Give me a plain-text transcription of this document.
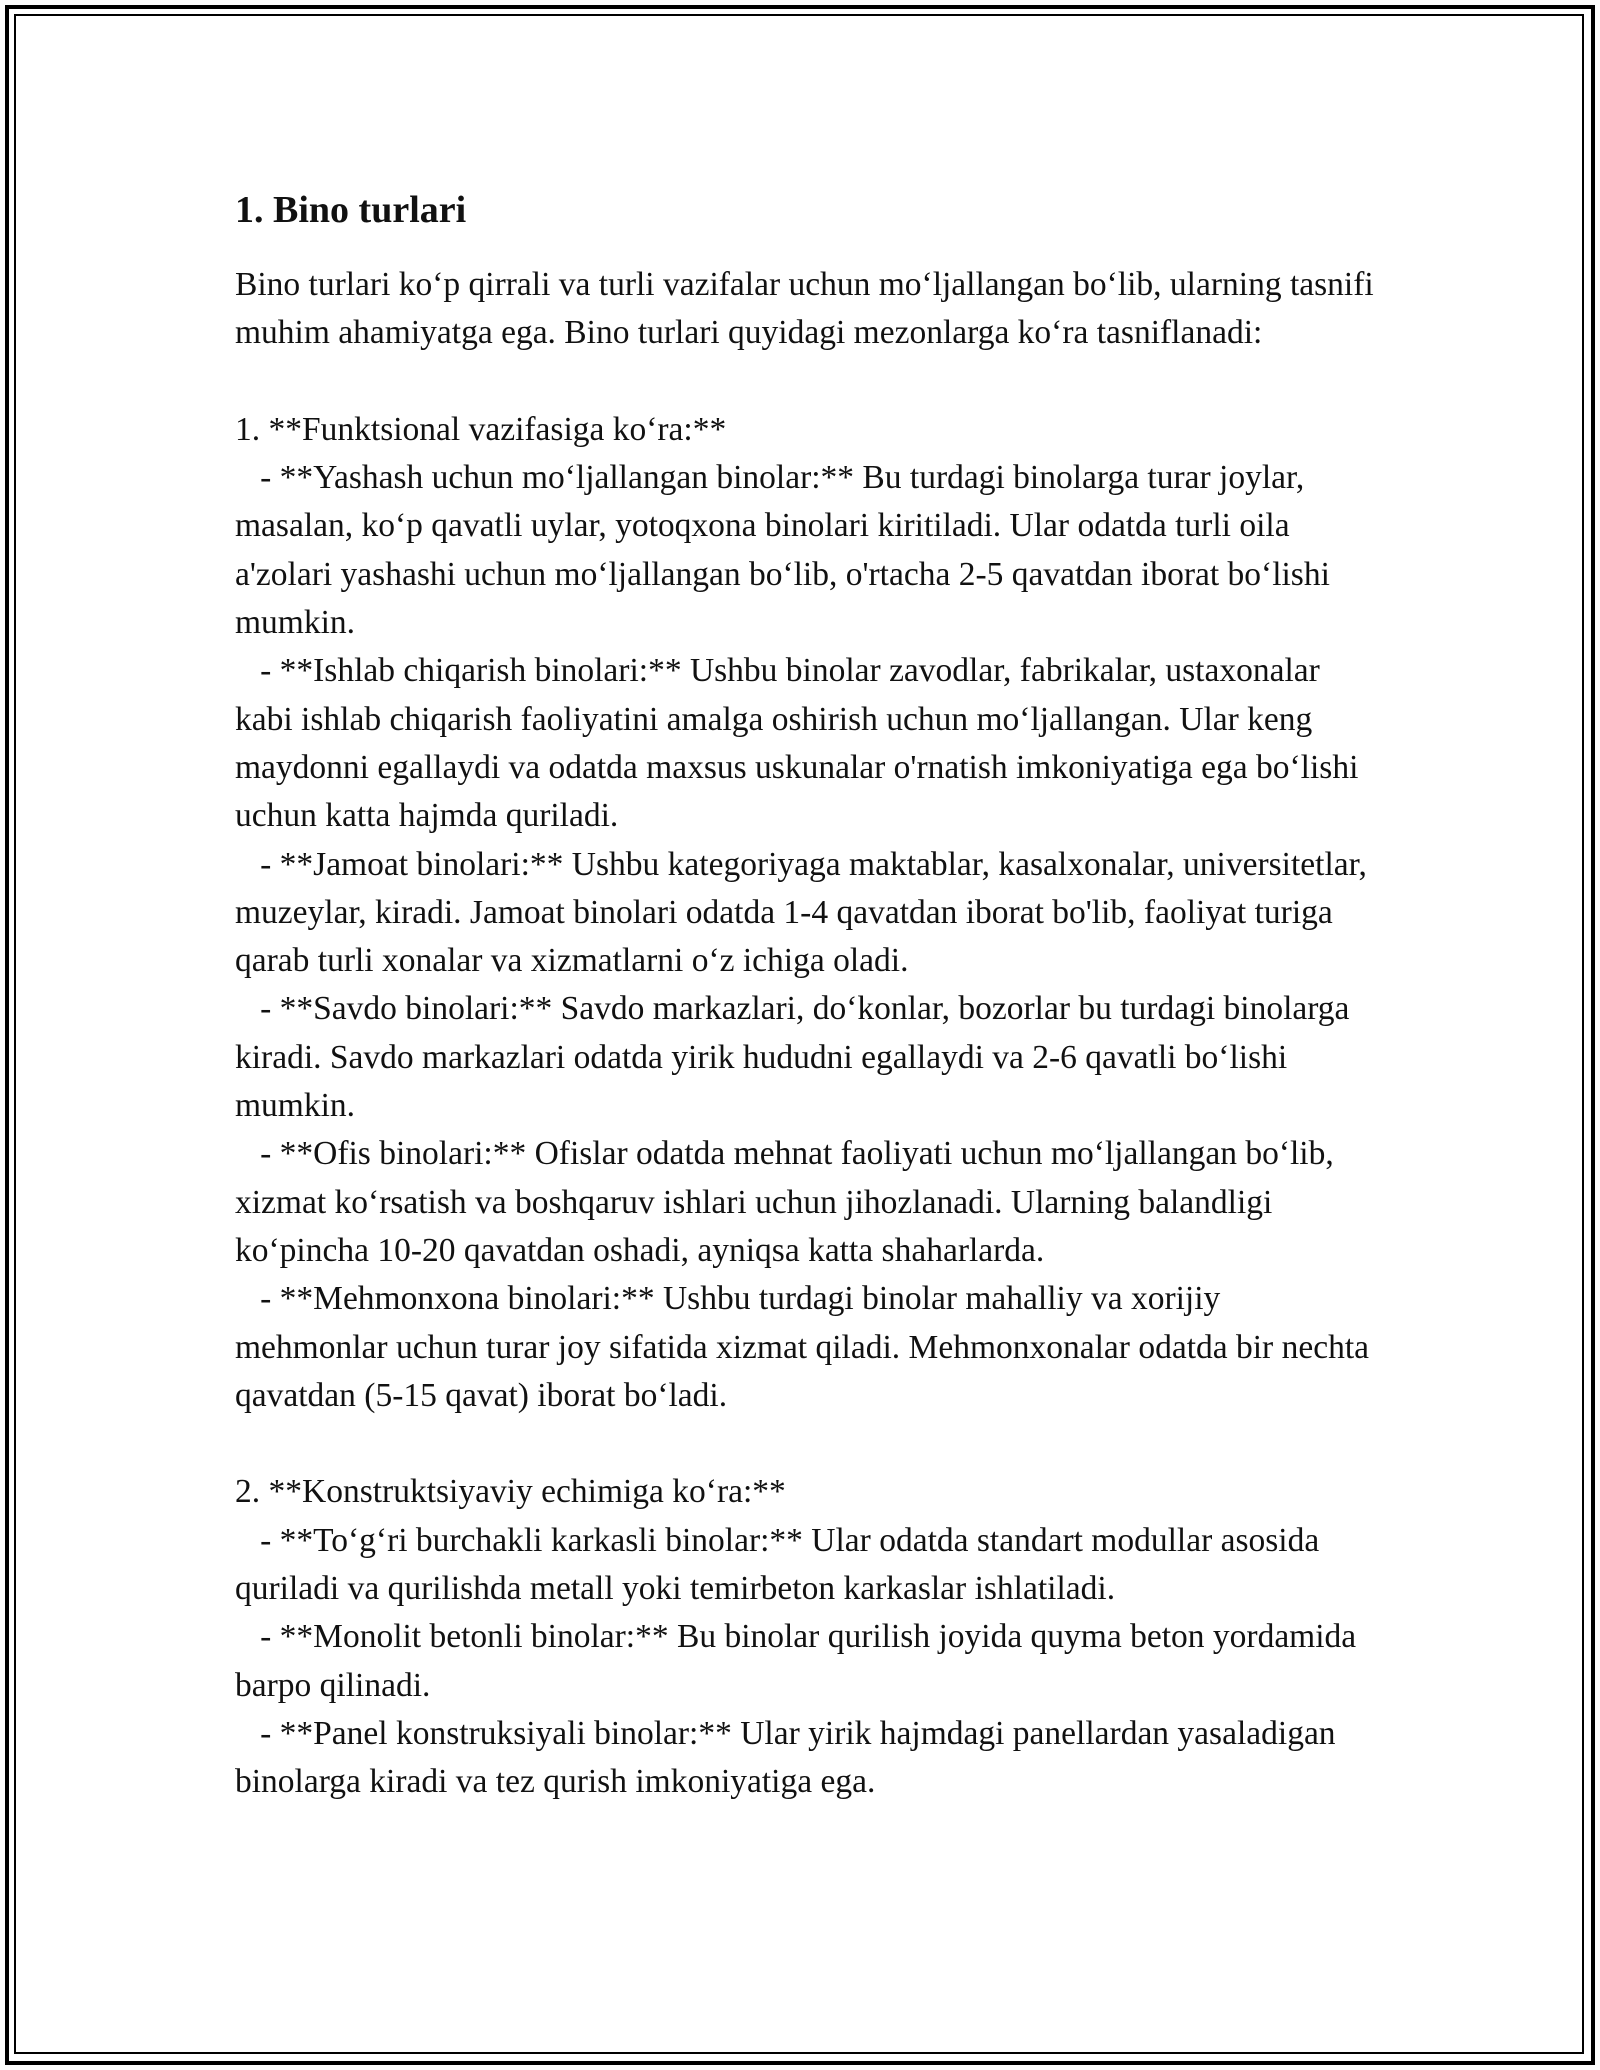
1. Bino turlari

Bino turlari ko‘p qirrali va turli vazifalar uchun mo‘ljallangan bo‘lib, ularning tasnifi muhim ahamiyatga ega. Bino turlari quyidagi mezonlarga ko‘ra tasniflanadi:

1. **Funktsional vazifasiga ko‘ra:**

- **Yashash uchun mo‘ljallangan binolar:** Bu turdagi binolarga turar joylar, masalan, ko‘p qavatli uylar, yotoqxona binolari kiritiladi. Ular odatda turli oila a'zolari yashashi uchun mo‘ljallangan bo‘lib, o'rtacha 2-5 qavatdan iborat bo‘lishi mumkin.

- **Ishlab chiqarish binolari:** Ushbu binolar zavodlar, fabrikalar, ustaxonalar kabi ishlab chiqarish faoliyatini amalga oshirish uchun mo‘ljallangan. Ular keng maydonni egallaydi va odatda maxsus uskunalar o'rnatish imkoniyatiga ega bo‘lishi uchun katta hajmda quriladi.

- **Jamoat binolari:** Ushbu kategoriyaga maktablar, kasalxonalar, universitetlar, muzeylar, kiradi. Jamoat binolari odatda 1-4 qavatdan iborat bo'lib, faoliyat turiga qarab turli xonalar va xizmatlarni o‘z ichiga oladi.

- **Savdo binolari:** Savdo markazlari, do‘konlar, bozorlar bu turdagi binolarga kiradi. Savdo markazlari odatda yirik hududni egallaydi va 2-6 qavatli bo‘lishi mumkin.

- **Ofis binolari:** Ofislar odatda mehnat faoliyati uchun mo‘ljallangan bo‘lib, xizmat ko‘rsatish va boshqaruv ishlari uchun jihozlanadi. Ularning balandligi ko‘pincha 10-20 qavatdan oshadi, ayniqsa katta shaharlarda.

- **Mehmonxona binolari:** Ushbu turdagi binolar mahalliy va xorijiy mehmonlar uchun turar joy sifatida xizmat qiladi. Mehmonxonalar odatda bir nechta qavatdan (5-15 qavat) iborat bo‘ladi.

2. **Konstruktsiyaviy echimiga ko‘ra:**

- **To‘g‘ri burchakli karkasli binolar:** Ular odatda standart modullar asosida quriladi va qurilishda metall yoki temirbeton karkaslar ishlatiladi.

- **Monolit betonli binolar:** Bu binolar qurilish joyida quyma beton yordamida barpo qilinadi.

- **Panel konstruksiyali binolar:** Ular yirik hajmdagi panellardan yasaladigan binolarga kiradi va tez qurish imkoniyatiga ega.
